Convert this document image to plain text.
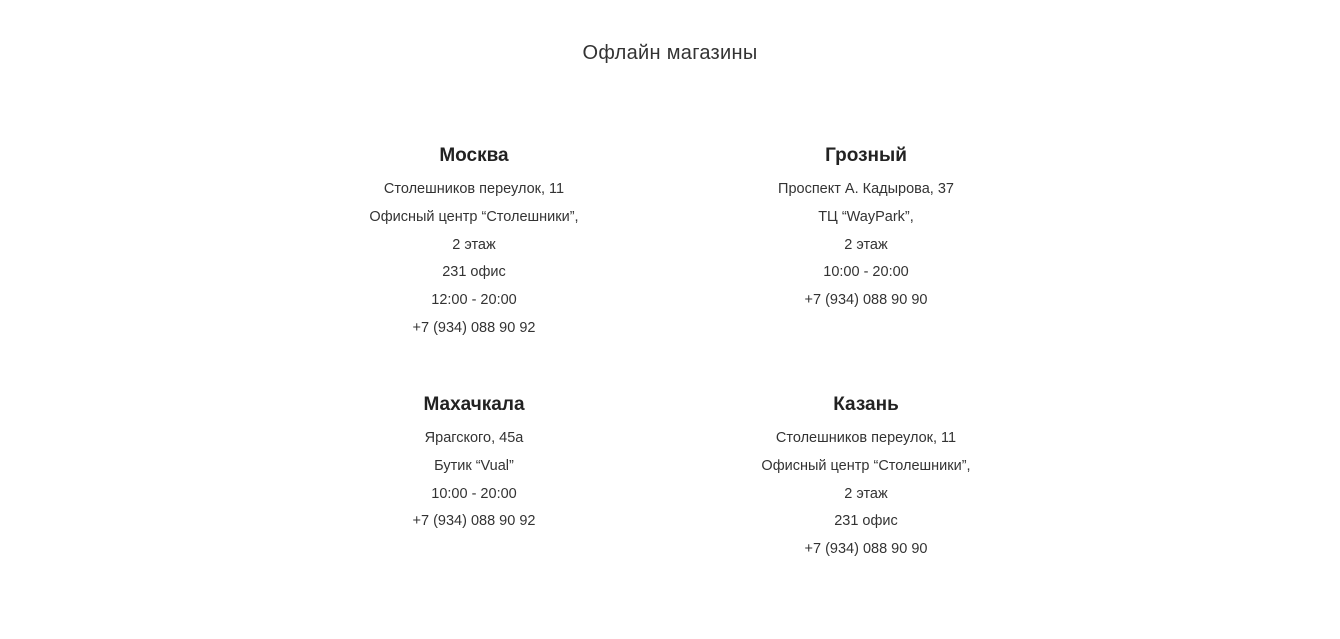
Офлайн магазины
Москва
Столешников переулок, 11
Офисный центр “Столешники”,
2 этаж
231 офис
12:00 - 20:00
+7 (934) 088 90 92
Грозный
Проспект А. Кадырова, 37
ТЦ “WayPark”,
2 этаж
10:00 - 20:00
+7 (934) 088 90 90
Махачкала
Ярагского, 45а
Бутик “Vual”
10:00 - 20:00
+7 (934) 088 90 92
Казань
Столешников переулок, 11
Офисный центр “Столешники”,
2 этаж
231 офис
+7 (934) 088 90 90
